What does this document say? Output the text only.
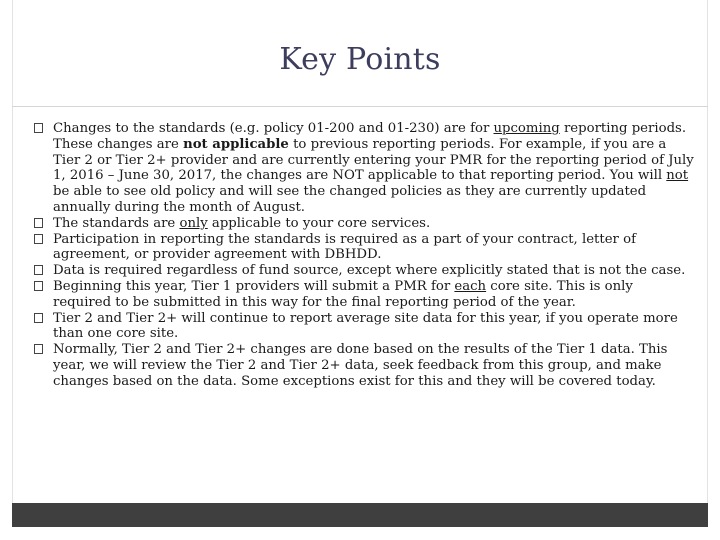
Key Points
Changes to the standards (e.g. policy 01-200 and 01-230) are for upcoming reporting periods. These changes are not applicable to previous reporting periods. For example, if you are a Tier 2 or Tier 2+ provider and are currently entering your PMR for the reporting period of July 1, 2016 – June 30, 2017, the changes are NOT applicable to that reporting period. You will not be able to see old policy and will see the changed policies as they are currently updated annually during the month of August.
The standards are only applicable to your core services.
Participation in reporting the standards is required as a part of your contract, letter of agreement, or provider agreement with DBHDD.
Data is required regardless of fund source, except where explicitly stated that is not the case.
Beginning this year, Tier 1 providers will submit a PMR for each core site. This is only required to be submitted in this way for the final reporting period of the year.
Tier 2 and Tier 2+ will continue to report average site data for this year, if you operate more than one core site.
Normally, Tier 2 and Tier 2+ changes are done based on the results of the Tier 1 data. This year, we will review the Tier 2 and Tier 2+ data, seek feedback from this group, and make changes based on the data. Some exceptions exist for this and they will be covered today.
